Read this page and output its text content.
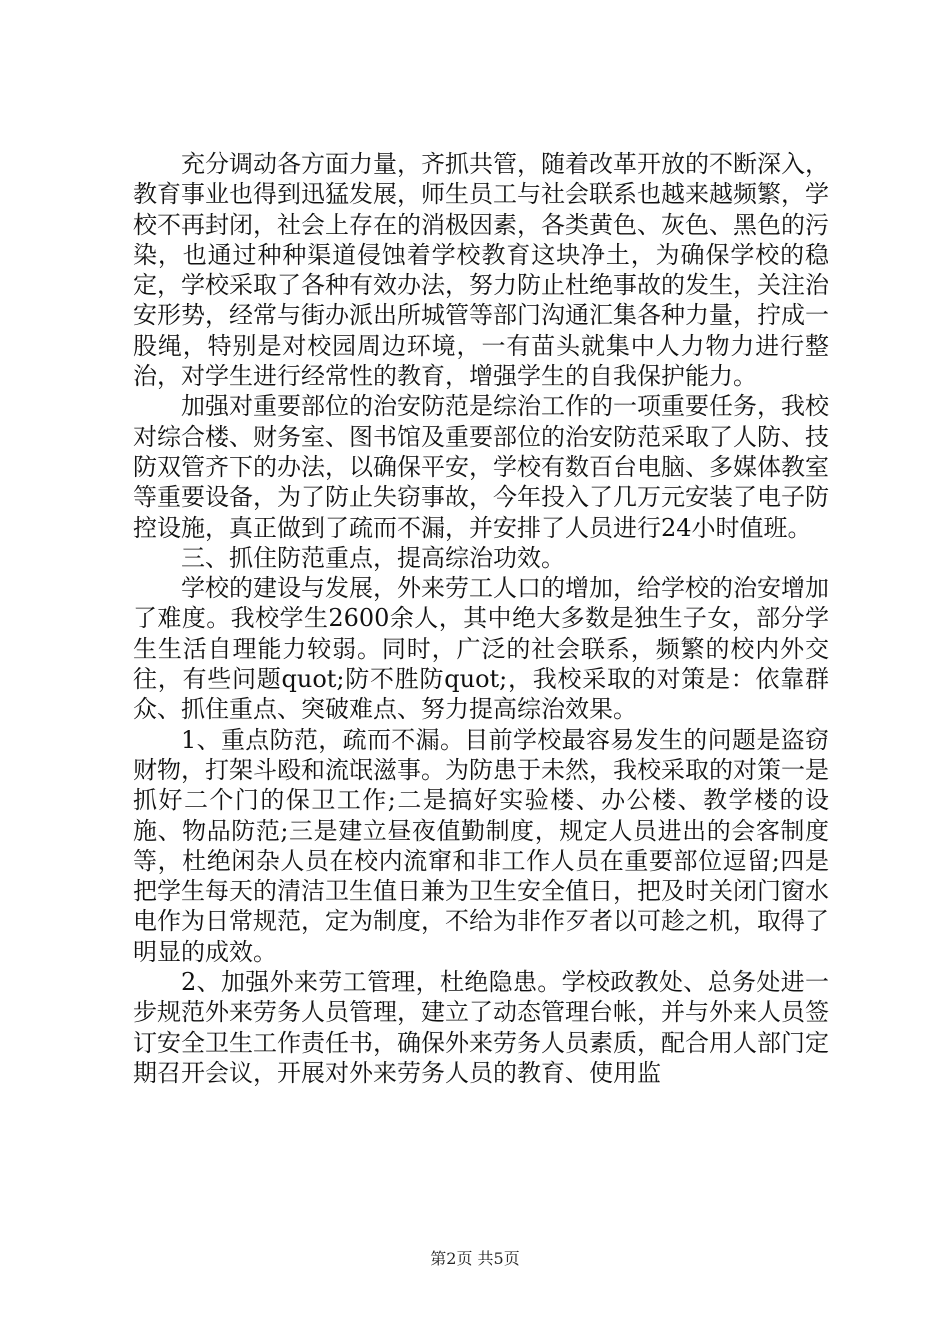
充分调动各方面力量，齐抓共管，随着改革开放的不断深入，教育事业也得到迅猛发展，师生员工与社会联系也越来越频繁，学校不再封闭，社会上存在的消极因素，各类黄色、灰色、黑色的污染，也通过种种渠道侵蚀着学校教育这块净土，为确保学校的稳定，学校采取了各种有效办法，努力防止杜绝事故的发生，关注治安形势，经常与街办派出所城管等部门沟通汇集各种力量，拧成一股绳，特别是对校园周边环境，一有苗头就集中人力物力进行整治，对学生进行经常性的教育，增强学生的自我保护能力。

加强对重要部位的治安防范是综治工作的一项重要任务，我校对综合楼、财务室、图书馆及重要部位的治安防范采取了人防、技防双管齐下的办法，以确保平安，学校有数百台电脑、多媒体教室等重要设备，为了防止失窃事故，今年投入了几万元安装了电子防控设施，真正做到了疏而不漏，并安排了人员进行24小时值班。

三、抓住防范重点，提高综治功效。

学校的建设与发展，外来劳工人口的增加，给学校的治安增加了难度。我校学生2600余人，其中绝大多数是独生子女，部分学生生活自理能力较弱。同时，广泛的社会联系，频繁的校内外交往，有些问题quot;防不胜防quot;，我校采取的对策是：依靠群众、抓住重点、突破难点、努力提高综治效果。

1、重点防范，疏而不漏。目前学校最容易发生的问题是盗窃财物，打架斗殴和流氓滋事。为防患于未然，我校采取的对策一是抓好二个门的保卫工作;二是搞好实验楼、办公楼、教学楼的设施、物品防范;三是建立昼夜值勤制度，规定人员进出的会客制度等，杜绝闲杂人员在校内流窜和非工作人员在重要部位逗留;四是把学生每天的清洁卫生值日兼为卫生安全值日，把及时关闭门窗水电作为日常规范，定为制度，不给为非作歹者以可趁之机，取得了明显的成效。

2、加强外来劳工管理，杜绝隐患。学校政教处、总务处进一步规范外来劳务人员管理，建立了动态管理台帐，并与外来人员签订安全卫生工作责任书，确保外来劳务人员素质，配合用人部门定期召开会议，开展对外来劳务人员的教育、使用监

第2页 共5页
